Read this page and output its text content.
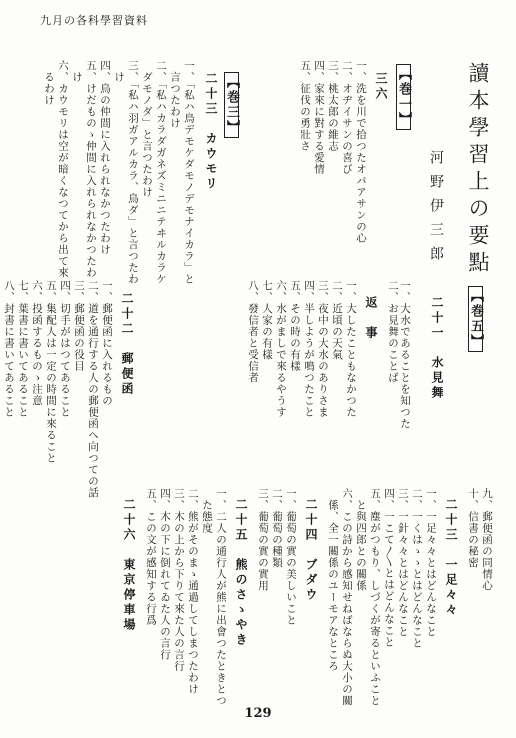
九月の各科學習資料
讀本學習上の要點
河野伊三郎
【巻五】
二十一　水見舞
一、大水であることを知つた
二、お見舞のことば
返　事
一、大したこともなかつた
二、近頃の天氣
三、夜中の大水のありさま
四、半しようが鳴つたこと
五、その時の有樣
六、水がましで來るやうす
七、人家の有樣
八、發信者と受信者
【巻三】
二十三　カウモリ
一、「私ハ鳥デモケダモノデモナイカラ」と
　言つたわけ
二、「私ハカラダガネズミニニテヰルカラケ
　ダモノダ」と言つたわけ
三、「私ハ羽ガアルカラ、鳥ダ」と言つたわ
　け
四、鳥の仲間に入れられなかつたわけ
五、けだものゝ仲間に入れられなかつたわ
　け
六、カウモリは空が暗くなつてから出て來
　るわけ	【巻一】
三六
一、洗を川で拾つたオバアサンの心
二、オヂイサンの喜び
三、桃太郎の維志
四、家來に對する愛情
五、征伐の勇壯さ
九、郵便函の同情心
十、信書の秘密
二十三　一足々々
一、一足々々とはどんなこと
二、一くはゝゝとはどんなこと
三、一針々々とはどんなこと
四、一こて〳〵とはどんなこと
五、塵がつもり、しづくが寄るといふこと
　と與四郎との關係
六、この詩から感知せねばならぬ大小の關
　係、全一關係のユーモアなところ
二十四　ブダウ
一、葡萄の實の美しいこと
二、葡萄の種類
三、葡萄の實の實用
二十五　熊のさゝやき
一、二人の通行人が熊に出會つたときとつ
　た態度
二、熊がそのまゝ通過してしまつたわけ
三、木の上から下りて來た人の言行
四、木の下に倒れてゐた人の言行
五、この文が感知する行爲
二十六　東京停車場
一、郵便函に入れるもの
二、道を通行する人の郵便函へ向つての話
三、郵便函の役目
四、切手がはつてあること
五、集配人は一定の時間に來ること
六、投函するものゝ注意
七、葉書に書いてあること
八、封書に書いてあること	二十二　郵便函
129
